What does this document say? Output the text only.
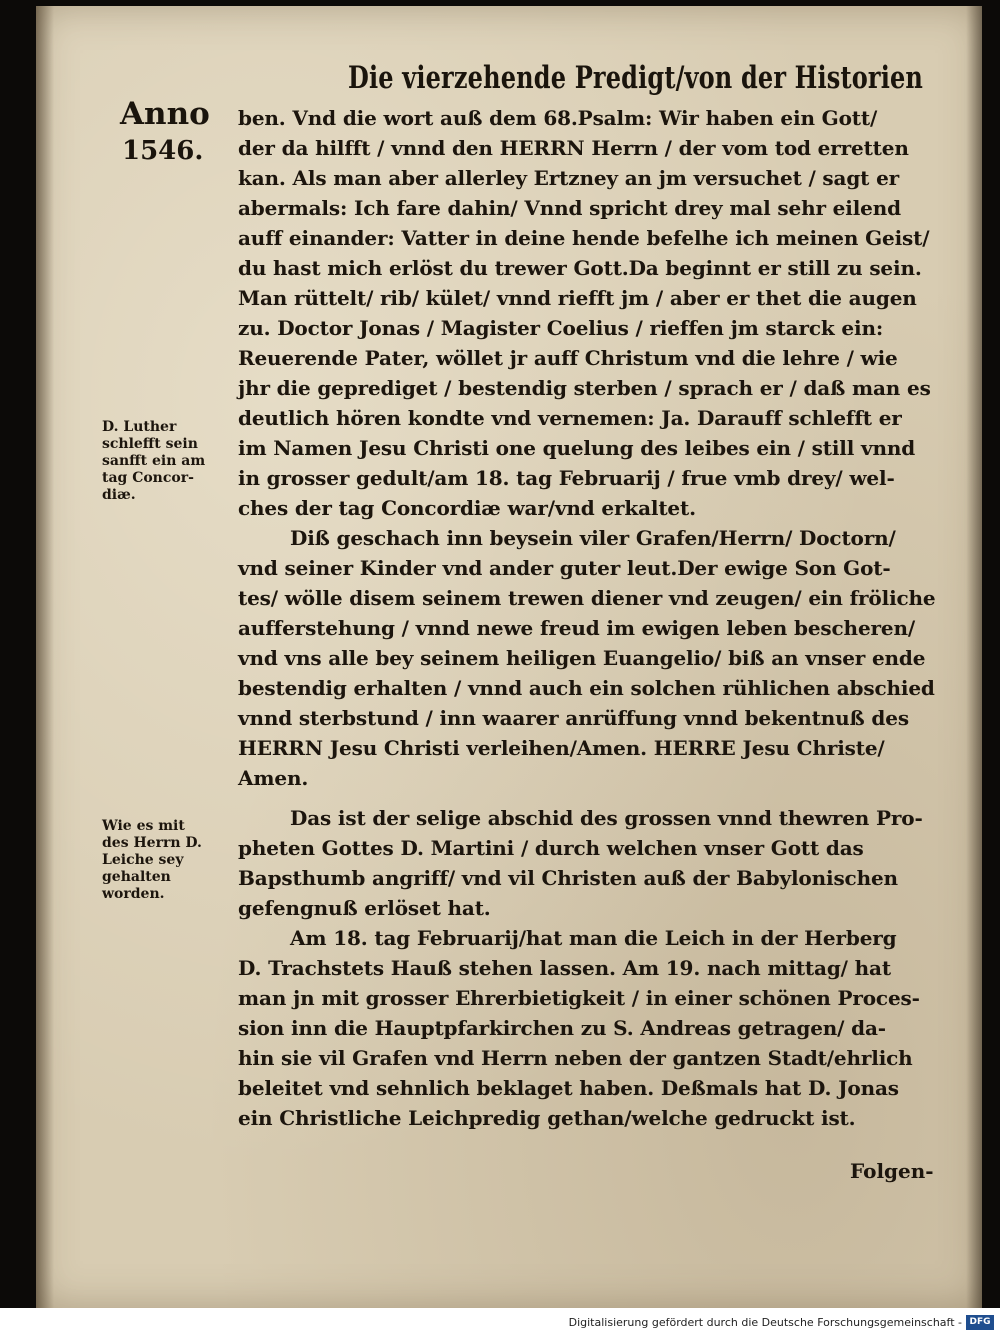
Die vierzehende Predigt/von der Historien
Anno
1546.
ben. Vnd die wort auß dem 68.Psalm: Wir haben ein Gott/
der da hilfft / vnnd den HERRN Herrn / der vom tod erretten
kan. Als man aber allerley Ertzney an jm versuchet / sagt er
abermals: Ich fare dahin/ Vnnd spricht drey mal sehr eilend
auff einander: Vatter in deine hende befelhe ich meinen Geist/
du hast mich erlöst du trewer Gott.Da beginnt er still zu sein.
Man rüttelt/ rib/ kület/ vnnd riefft jm / aber er thet die augen
zu. Doctor Jonas / Magister Coelius / rieffen jm starck ein:
Reuerende Pater, wöllet jr auff Christum vnd die lehre / wie
jhr die geprediget / bestendig sterben / sprach er / daß man es
deutlich hören kondte vnd vernemen: Ja. Darauff schlefft er
im Namen Jesu Christi one quelung des leibes ein / still vnnd
in grosser gedult/am 18. tag Februarij / frue vmb drey/ wel-
ches der tag Concordiæ war/vnd erkaltet.
Diß geschach inn beysein viler Grafen/Herrn/ Doctorn/
vnd seiner Kinder vnd ander guter leut.Der ewige Son Got-
tes/ wölle disem seinem trewen diener vnd zeugen/ ein fröliche
aufferstehung / vnnd newe freud im ewigen leben bescheren/
vnd vns alle bey seinem heiligen Euangelio/ biß an vnser ende
bestendig erhalten / vnnd auch ein solchen rühlichen abschied
vnnd sterbstund / inn waarer anrüffung vnnd bekentnuß des
HERRN Jesu Christi verleihen/Amen. HERRE Jesu Christe/
Amen.
Das ist der selige abschid des grossen vnnd thewren Pro-
pheten Gottes D. Martini / durch welchen vnser Gott das
Bapsthumb angriff/ vnd vil Christen auß der Babylonischen
gefengnuß erlöset hat.
Am 18. tag Februarij/hat man die Leich in der Herberg
D. Trachstets Hauß stehen lassen. Am 19. nach mittag/ hat
man jn mit grosser Ehrerbietigkeit / in einer schönen Proces-
sion inn die Hauptpfarkirchen zu S. Andreas getragen/ da-
hin sie vil Grafen vnd Herrn neben der gantzen Stadt/ehrlich
beleitet vnd sehnlich beklaget haben. Deßmals hat D. Jonas
ein Christliche Leichpredig gethan/welche gedruckt ist.
D. Luther
schlefft sein
sanfft ein am
tag Concor-
diæ.
Wie es mit
des Herrn D.
Leiche sey
gehalten
worden.
Folgen-
Digitalisierung gefördert durch die Deutsche Forschungsgemeinschaft - DFG
